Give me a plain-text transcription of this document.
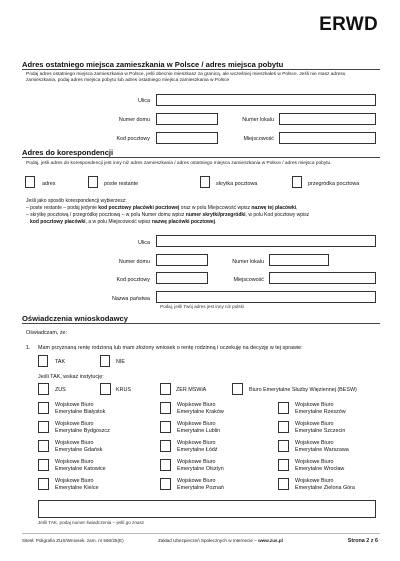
ERWD
Adres ostatniego miejsca zamieszkania w Polsce / adres miejsca pobytu
Podaj adres ostatniego miejsca zamieszkania w Polsce, jeśli obecnie mieszkasz za granicą, ale wcześniej mieszkałeś w Polsce. Jeśli nie masz adresu zamieszkania, podaj adres miejsca pobytu lub adres ostatniego miejsca zamieszkania w Polsce
Ulica
Numer domu	Numer lokalu
Kod pocztowy	Miejscowość
Adres do korespondencji
Podaj, jeśli adres do korespondencji jest inny niż adres zamieszkania / adres ostatniego miejsca zamieszkania w Polsce / adres miejsca pobytu.
adres	poste restante	skrytka pocztowa	przegródka pocztowa
Jeśli jako sposób korespondencji wybierzesz:
– poste restante – podaj jedynie kod pocztowy placówki pocztowej oraz w polu Miejscowość wpisz nazwę tej placówki,
– skrytkę pocztową / przegródkę pocztową – w polu Numer domu wpisz numer skrytki/przegródki, w polu Kod pocztowy wpisz
kod pocztowy placówki, a w polu Miejscowość wpisz nazwę placówki pocztowej.
Ulica
Numer domu	Numer lokalu
Kod pocztowy	Miejscowość
Nazwa państwa
Podaj, jeśli Twój adres jest inny niż polski
Oświadczenia wnioskodawcy
Oświadczam, że:
1. Mam przyznaną rentę rodzinną lub mam złożony wniosek o rentę rodzinną i oczekuję na decyzję w tej sprawie:
TAK	NIE
Jeśli TAK, wskaż instytucję:
ZUS	KRUS	ZER MSWiA	Biuro Emerytalne Służby Więziennej (BESW)
Wojskowe Biuro
Emerytalne Białystok
Wojskowe Biuro
Emerytalne Kraków
Wojskowe Biuro
Emerytalne Rzeszów
Wojskowe Biuro
Emerytalne Bydgoszcz
Wojskowe Biuro
Emerytalne Lublin
Wojskowe Biuro
Emerytalne Szczecin
Wojskowe Biuro
Emerytalne Gdańsk
Wojskowe Biuro
Emerytalne Łódź
Wojskowe Biuro
Emerytalne Warszawa
Wojskowe Biuro
Emerytalne Katowice
Wojskowe Biuro
Emerytalne Olsztyn
Wojskowe Biuro
Emerytalne Wrocław
Wojskowe Biuro
Emerytalne Kielce
Wojskowe Biuro
Emerytalne Poznań
Wojskowe Biuro
Emerytalne Zielona Góra
Jeśli TAK, podaj numer świadczenia – jeśli go znasz
Sitesł: Poligrafia ZUS/Wniosek. zam. nr 566/25(E)	Zakład Ubezpieczeń Społecznych w Internecie – www.zus.pl	Strona 2 z 6
